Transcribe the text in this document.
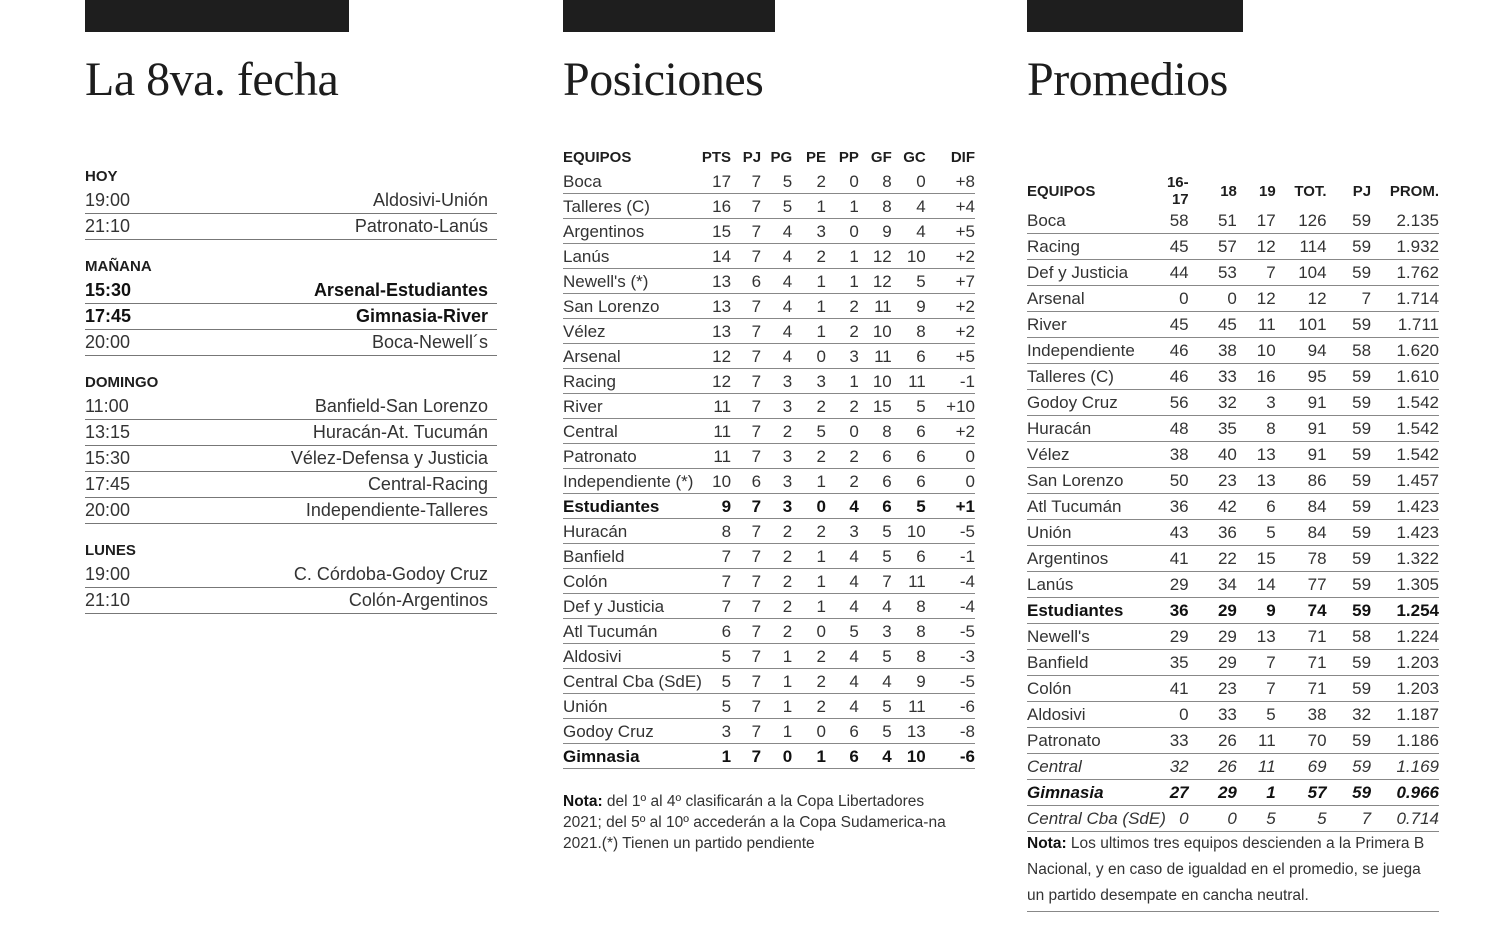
La 8va. fecha
HOY
19:00	Aldosivi-Unión
21:10	Patronato-Lanús
MAÑANA
15:30	Arsenal-Estudiantes
17:45	Gimnasia-River
20:00	Boca-Newell´s
DOMINGO
11:00	Banfield-San Lorenzo
13:15	Huracán-At. Tucumán
15:30	Vélez-Defensa y Justicia
17:45	Central-Racing
20:00	Independiente-Talleres
LUNES
19:00	C. Córdoba-Godoy Cruz
21:10	Colón-Argentinos
Posiciones
EQUIPOS	PTS	PJ	PG	PE	PP	GF	GC	DIF
Boca	17	7	5	2	0	8	0	+8
Talleres (C)	16	7	5	1	1	8	4	+4
Argentinos	15	7	4	3	0	9	4	+5
Lanús	14	7	4	2	1	12	10	+2
Newell's (*)	13	6	4	1	1	12	5	+7
San Lorenzo	13	7	4	1	2	11	9	+2
Vélez	13	7	4	1	2	10	8	+2
Arsenal	12	7	4	0	3	11	6	+5
Racing	12	7	3	3	1	10	11	-1
River	11	7	3	2	2	15	5	+10
Central	11	7	2	5	0	8	6	+2
Patronato	11	7	3	2	2	6	6	0
Independiente (*)	10	6	3	1	2	6	6	0
Estudiantes	9	7	3	0	4	6	5	+1
Huracán	8	7	2	2	3	5	10	-5
Banfield	7	7	2	1	4	5	6	-1
Colón	7	7	2	1	4	7	11	-4
Def y Justicia	7	7	2	1	4	4	8	-4
Atl Tucumán	6	7	2	0	5	3	8	-5
Aldosivi	5	7	1	2	4	5	8	-3
Central Cba (SdE)	5	7	1	2	4	4	9	-5
Unión	5	7	1	2	4	5	11	-6
Godoy Cruz	3	7	1	0	6	5	13	-8
Gimnasia	1	7	0	1	6	4	10	-6
Nota: del 1º al 4º clasificarán a la Copa Libertadores 2021; del 5º al 10º accederán a la Copa Sudamerica-na 2021.(*) Tienen un partido pendiente
Promedios
EQUIPOS	16-17	18	19	TOT.	PJ	PROM.
Boca	58	51	17	126	59	2.135
Racing	45	57	12	114	59	1.932
Def y Justicia	44	53	7	104	59	1.762
Arsenal	0	0	12	12	7	1.714
River	45	45	11	101	59	1.711
Independiente	46	38	10	94	58	1.620
Talleres (C)	46	33	16	95	59	1.610
Godoy Cruz	56	32	3	91	59	1.542
Huracán	48	35	8	91	59	1.542
Vélez	38	40	13	91	59	1.542
San Lorenzo	50	23	13	86	59	1.457
Atl Tucumán	36	42	6	84	59	1.423
Unión	43	36	5	84	59	1.423
Argentinos	41	22	15	78	59	1.322
Lanús	29	34	14	77	59	1.305
Estudiantes	36	29	9	74	59	1.254
Newell's	29	29	13	71	58	1.224
Banfield	35	29	7	71	59	1.203
Colón	41	23	7	71	59	1.203
Aldosivi	0	33	5	38	32	1.187
Patronato	33	26	11	70	59	1.186
Central	32	26	11	69	59	1.169
Gimnasia	27	29	1	57	59	0.966
Central Cba (SdE)	0	0	5	5	7	0.714
Nota: Los ultimos tres equipos descienden a la Primera B Nacional, y en caso de igualdad en el promedio, se juega un partido desempate en cancha neutral.
